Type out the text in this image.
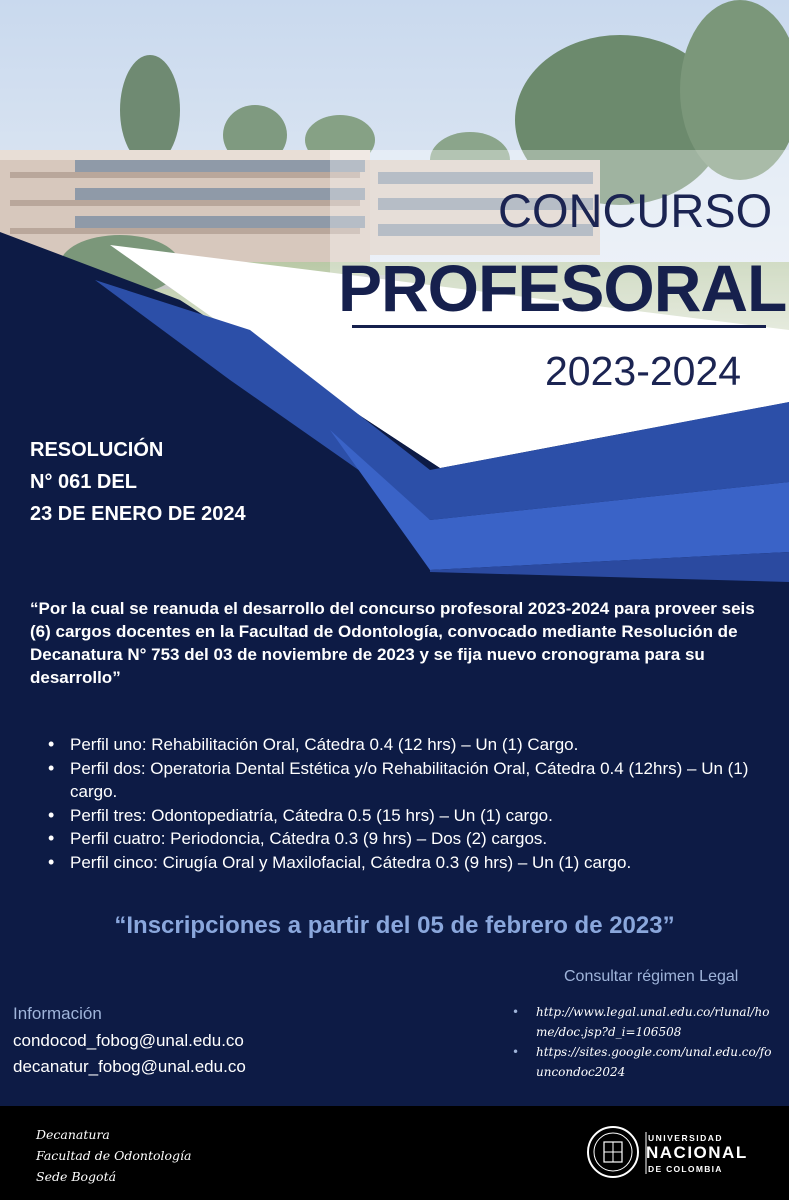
CONCURSO
PROFESORAL
2023-2024
RESOLUCIÓN
N° 061 DEL
23 DE ENERO DE 2024
“Por la cual se reanuda el desarrollo del concurso profesoral 2023-2024 para proveer seis (6) cargos docentes en la Facultad de Odontología, convocado mediante Resolución de Decanatura N° 753 del 03 de noviembre de 2023 y se fija nuevo cronograma para su desarrollo”
• Perfil uno: Rehabilitación Oral, Cátedra 0.4 (12 hrs) – Un (1) Cargo.
• Perfil dos: Operatoria Dental Estética y/o Rehabilitación Oral, Cátedra 0.4 (12hrs) – Un (1) cargo.
• Perfil tres: Odontopediatría, Cátedra 0.5 (15 hrs) – Un (1) cargo.
• Perfil cuatro: Periodoncia, Cátedra 0.3 (9 hrs) – Dos (2) cargos.
• Perfil cinco: Cirugía Oral y Maxilofacial, Cátedra 0.3 (9 hrs) – Un (1) cargo.
“Inscripciones a partir del 05 de febrero de 2023”
Consultar régimen Legal
• http://www.legal.unal.edu.co/rlunal/home/doc.jsp?d_i=106508
• https://sites.google.com/unal.edu.co/founcondoc2024
Información
condocod_fobog@unal.edu.co
decanatur_fobog@unal.edu.co
Decanatura
Facultad de Odontología
Sede Bogotá
UNIVERSIDAD
NACIONAL
DE COLOMBIA
